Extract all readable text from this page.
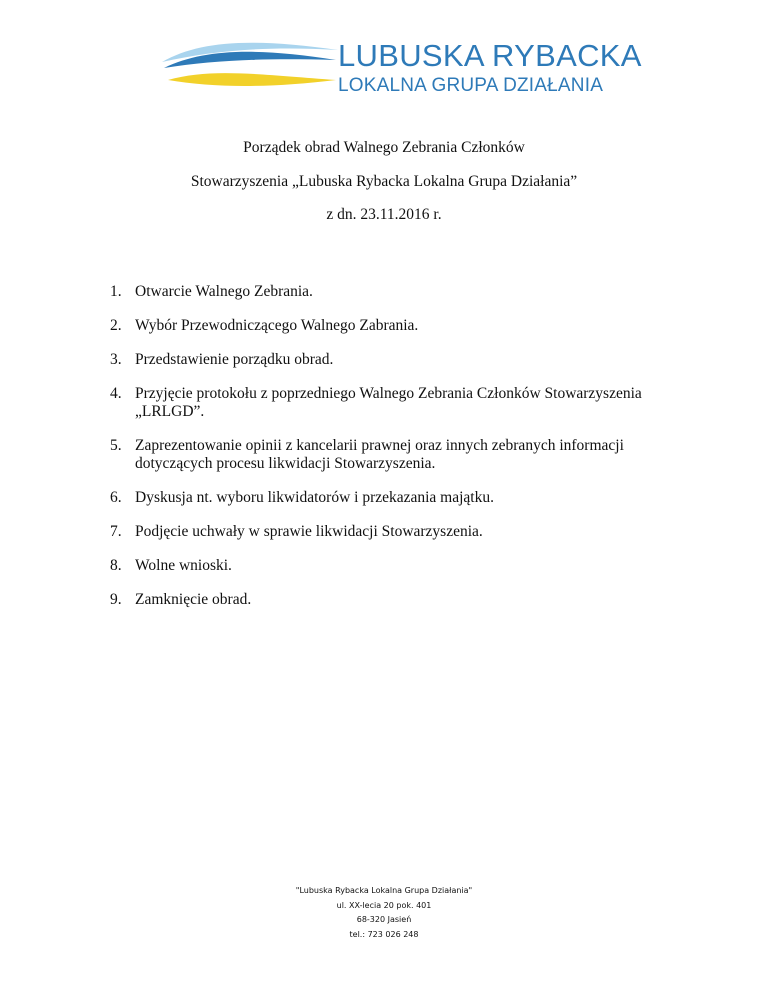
LUBUSKA RYBACKA
LOKALNA GRUPA DZIAŁANIA
Porządek obrad Walnego Zebrania Członków
Stowarzyszenia „Lubuska Rybacka Lokalna Grupa Działania”
z dn. 23.11.2016 r.
1. Otwarcie Walnego Zebrania.
2. Wybór Przewodniczącego Walnego Zabrania.
3. Przedstawienie porządku obrad.
4. Przyjęcie protokołu z poprzedniego Walnego Zebrania Członków Stowarzyszenia „LRLGD”.
5. Zaprezentowanie opinii z kancelarii prawnej oraz innych zebranych informacji dotyczących procesu likwidacji Stowarzyszenia.
6. Dyskusja nt. wyboru likwidatorów i przekazania majątku.
7. Podjęcie uchwały w sprawie likwidacji Stowarzyszenia.
8. Wolne wnioski.
9. Zamknięcie obrad.
"Lubuska Rybacka Lokalna Grupa Działania"
ul. XX-lecia 20 pok. 401
68-320 Jasień
tel.: 723 026 248
